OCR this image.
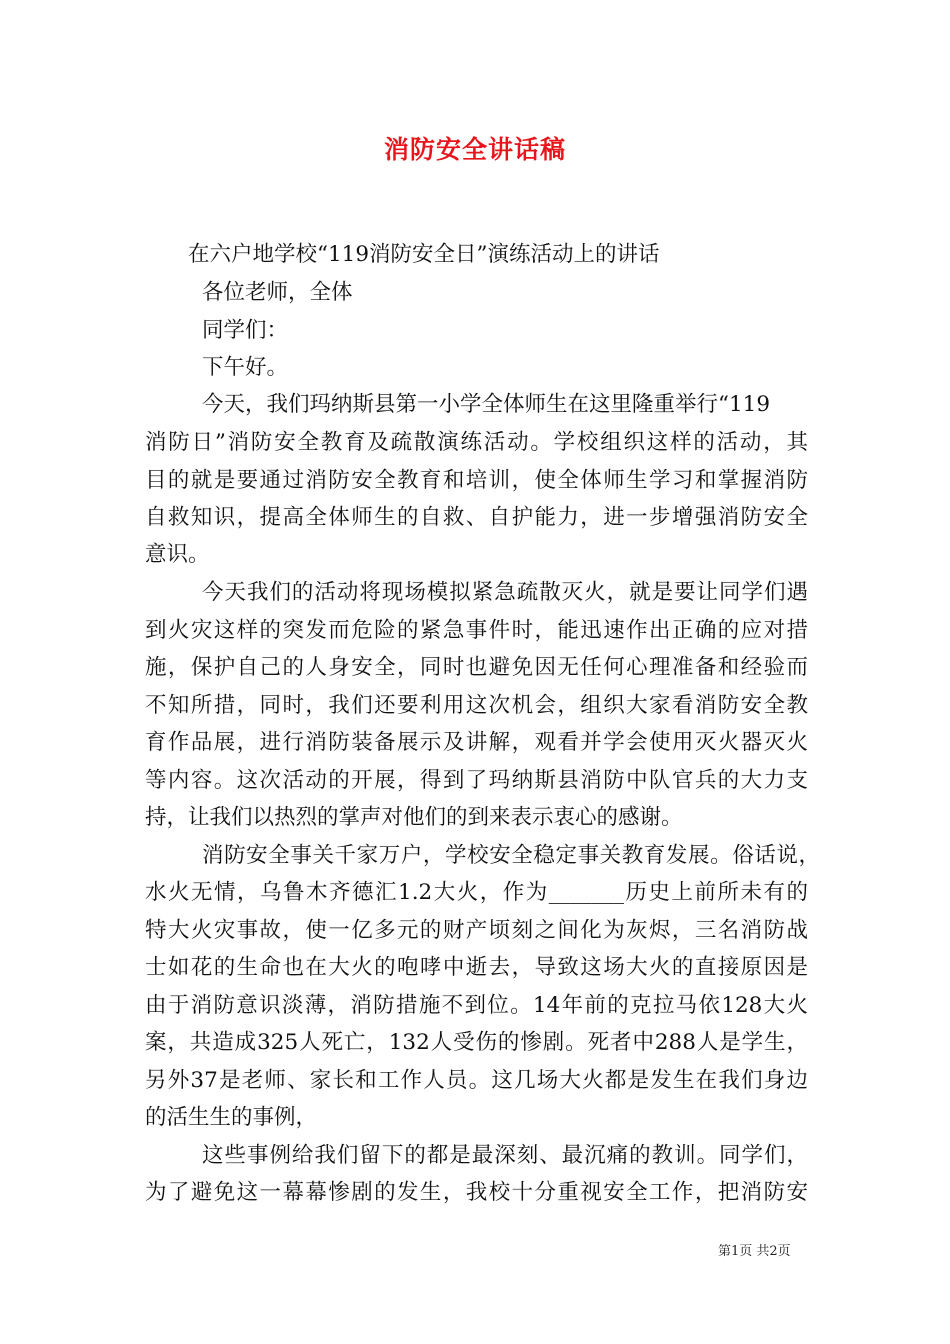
消防安全讲话稿
在六户地学校“119消防安全日”演练活动上的讲话
各位老师，全体
同学们：
下午好。
今天，我们玛纳斯县第一小学全体师生在这里隆重举行“119
消防日”消防安全教育及疏散演练活动。学校组织这样的活动，其
目的就是要通过消防安全教育和培训，使全体师生学习和掌握消防
自救知识，提高全体师生的自救、自护能力，进一步增强消防安全
意识。
今天我们的活动将现场模拟紧急疏散灭火，就是要让同学们遇
到火灾这样的突发而危险的紧急事件时，能迅速作出正确的应对措
施，保护自己的人身安全，同时也避免因无任何心理准备和经验而
不知所措，同时，我们还要利用这次机会，组织大家看消防安全教
育作品展，进行消防装备展示及讲解，观看并学会使用灭火器灭火
等内容。这次活动的开展，得到了玛纳斯县消防中队官兵的大力支
持，让我们以热烈的掌声对他们的到来表示衷心的感谢。
消防安全事关千家万户，学校安全稳定事关教育发展。俗话说，
水火无情，乌鲁木齐德汇1.2大火，作为_______历史上前所未有的
特大火灾事故，使一亿多元的财产顷刻之间化为灰烬，三名消防战
士如花的生命也在大火的咆哮中逝去，导致这场大火的直接原因是
由于消防意识淡薄，消防措施不到位。14年前的克拉马依128大火
案，共造成325人死亡，132人受伤的惨剧。死者中288人是学生，
另外37是老师、家长和工作人员。这几场大火都是发生在我们身边
的活生生的事例，
这些事例给我们留下的都是最深刻、最沉痛的教训。同学们，
为了避免这一幕幕惨剧的发生，我校十分重视安全工作，把消防安
第1页 共2页
